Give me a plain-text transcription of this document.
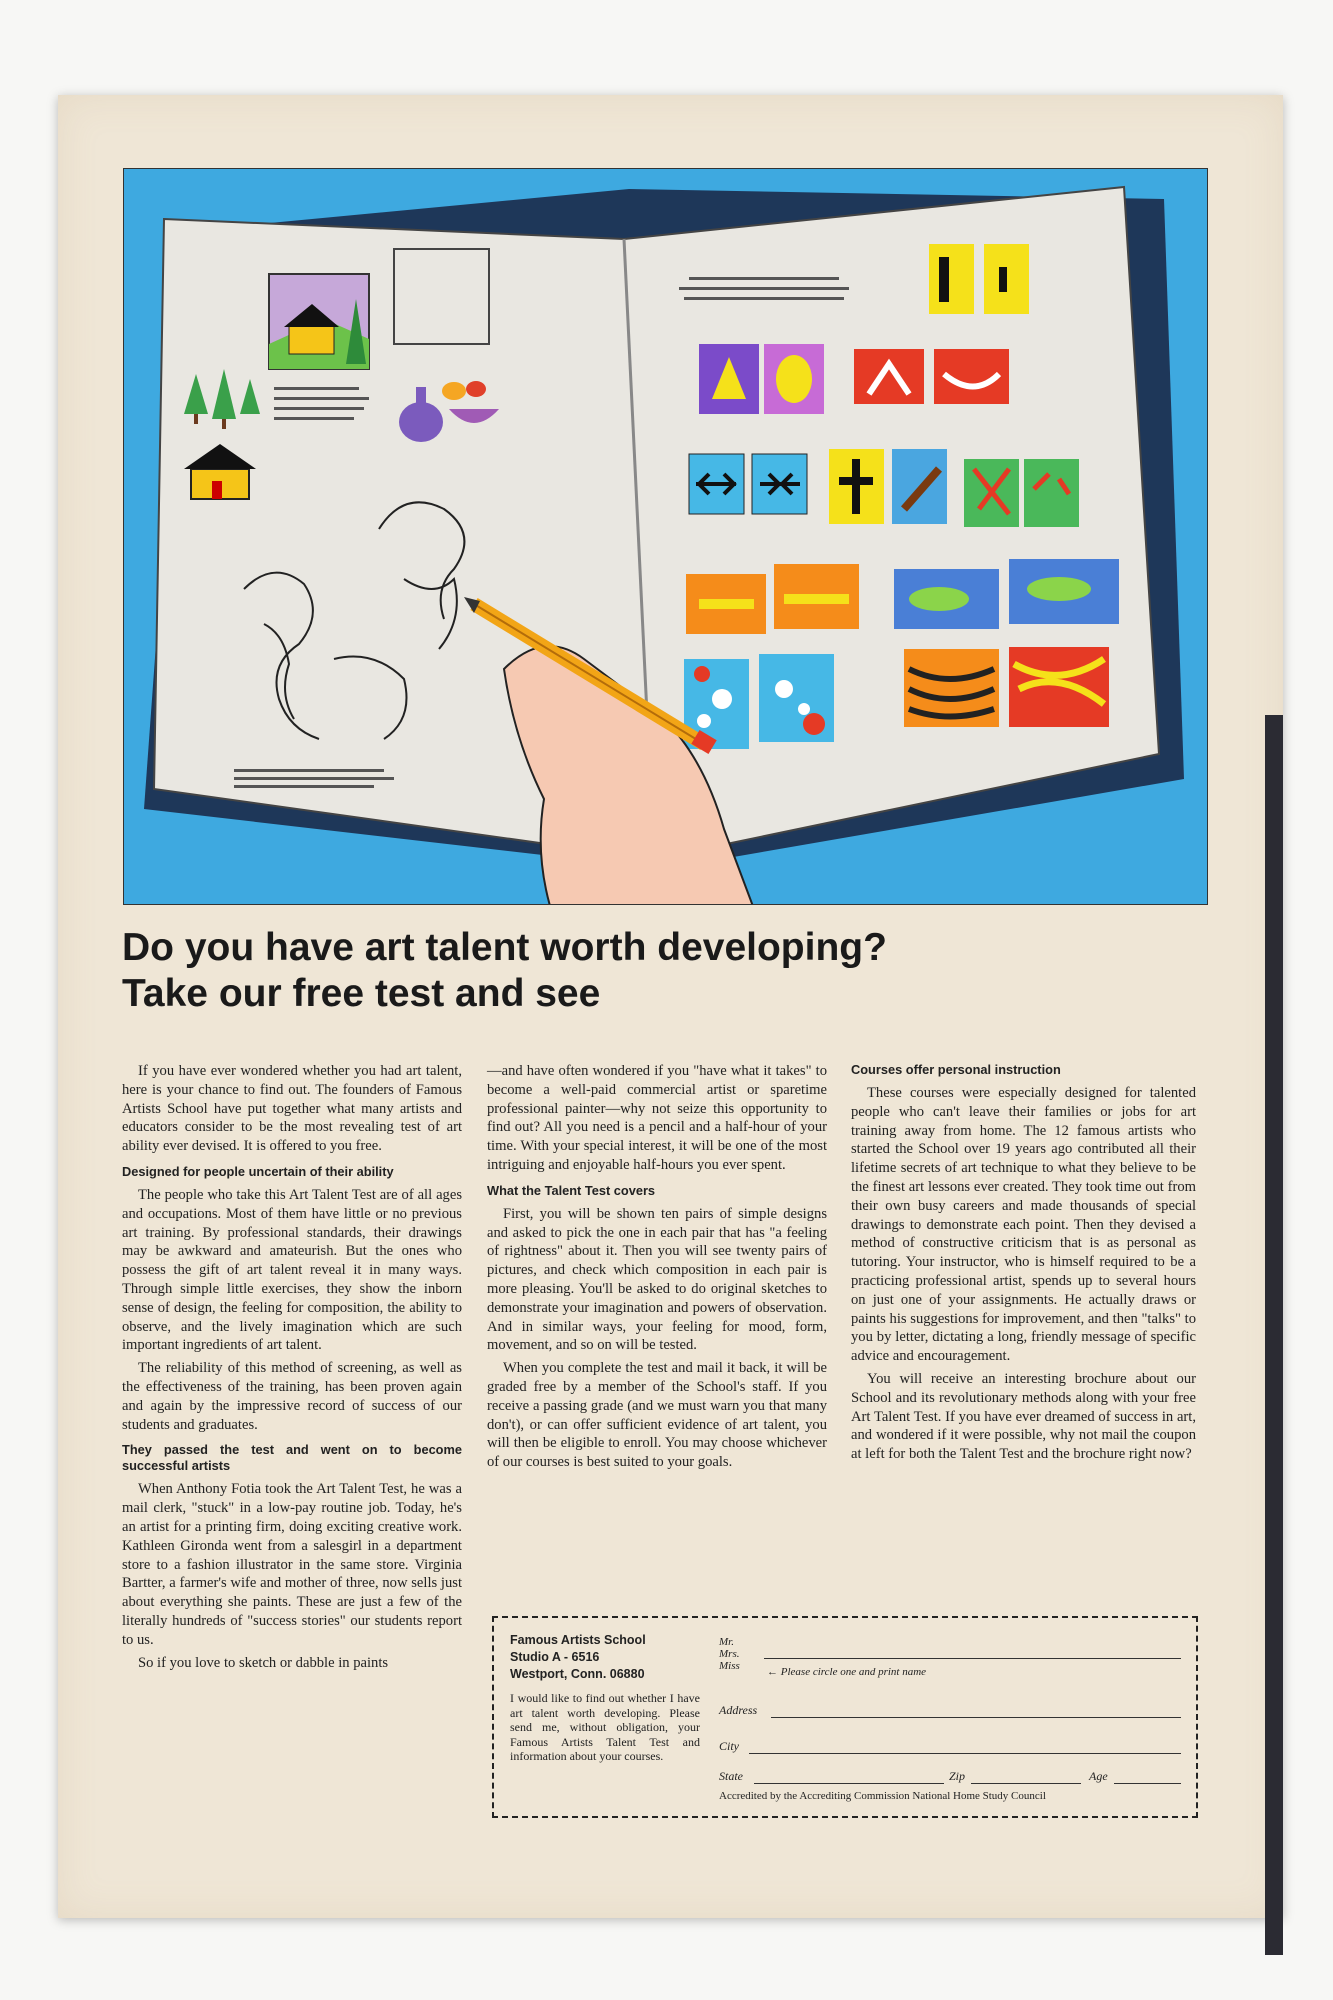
Do you have art talent worth developing?
Take our free test and see

If you have ever wondered whether you had art talent, here is your chance to find out. The founders of Famous Artists School have put together what many artists and educators consider to be the most revealing test of art ability ever devised. It is offered to you free.

Designed for people uncertain of their ability

The people who take this Art Talent Test are of all ages and occupations. Most of them have little or no previous art training. By professional standards, their drawings may be awkward and amateurish. But the ones who possess the gift of art talent reveal it in many ways. Through simple little exercises, they show the inborn sense of design, the feeling for composition, the ability to observe, and the lively imagination which are such important ingredients of art talent.

The reliability of this method of screening, as well as the effectiveness of the training, has been proven again and again by the impressive record of success of our students and graduates.

They passed the test and went on to become successful artists

When Anthony Fotia took the Art Talent Test, he was a mail clerk, "stuck" in a low-pay routine job. Today, he's an artist for a printing firm, doing exciting creative work. Kathleen Gironda went from a salesgirl in a department store to a fashion illustrator in the same store. Virginia Bartter, a farmer's wife and mother of three, now sells just about everything she paints. These are just a few of the literally hundreds of "success stories" our students report to us.

So if you love to sketch or dabble in paints

—and have often wondered if you "have what it takes" to become a well-paid commercial artist or sparetime professional painter—why not seize this opportunity to find out? All you need is a pencil and a half-hour of your time. With your special interest, it will be one of the most intriguing and enjoyable half-hours you ever spent.

What the Talent Test covers

First, you will be shown ten pairs of simple designs and asked to pick the one in each pair that has "a feeling of rightness" about it. Then you will see twenty pairs of pictures, and check which composition in each pair is more pleasing. You'll be asked to do original sketches to demonstrate your imagination and powers of observation. And in similar ways, your feeling for mood, form, movement, and so on will be tested.

When you complete the test and mail it back, it will be graded free by a member of the School's staff. If you receive a passing grade (and we must warn you that many don't), or can offer sufficient evidence of art talent, you will then be eligible to enroll. You may choose whichever of our courses is best suited to your goals.

Courses offer personal instruction

These courses were especially designed for talented people who can't leave their families or jobs for art training away from home. The 12 famous artists who started the School over 19 years ago contributed all their lifetime secrets of art technique to what they believe to be the finest art lessons ever created. They took time out from their own busy careers and made thousands of special drawings to demonstrate each point. Then they devised a method of constructive criticism that is as personal as tutoring. Your instructor, who is himself required to be a practicing professional artist, spends up to several hours on just one of your assignments. He actually draws or paints his suggestions for improvement, and then "talks" to you by letter, dictating a long, friendly message of specific advice and encouragement.

You will receive an interesting brochure about our School and its revolutionary methods along with your free Art Talent Test. If you have ever dreamed of success in art, and wondered if it were possible, why not mail the coupon at left for both the Talent Test and the brochure right now?

Famous Artists School
Studio A - 6516
Westport, Conn. 06880
I would like to find out whether I have art talent worth developing. Please send me, without obligation, your Famous Artists Talent Test and information about your courses.
Mr.
Mrs.
Miss ← Please circle one and print name
Address
City
State	Zip	Age
Accredited by the Accrediting Commission National Home Study Council
